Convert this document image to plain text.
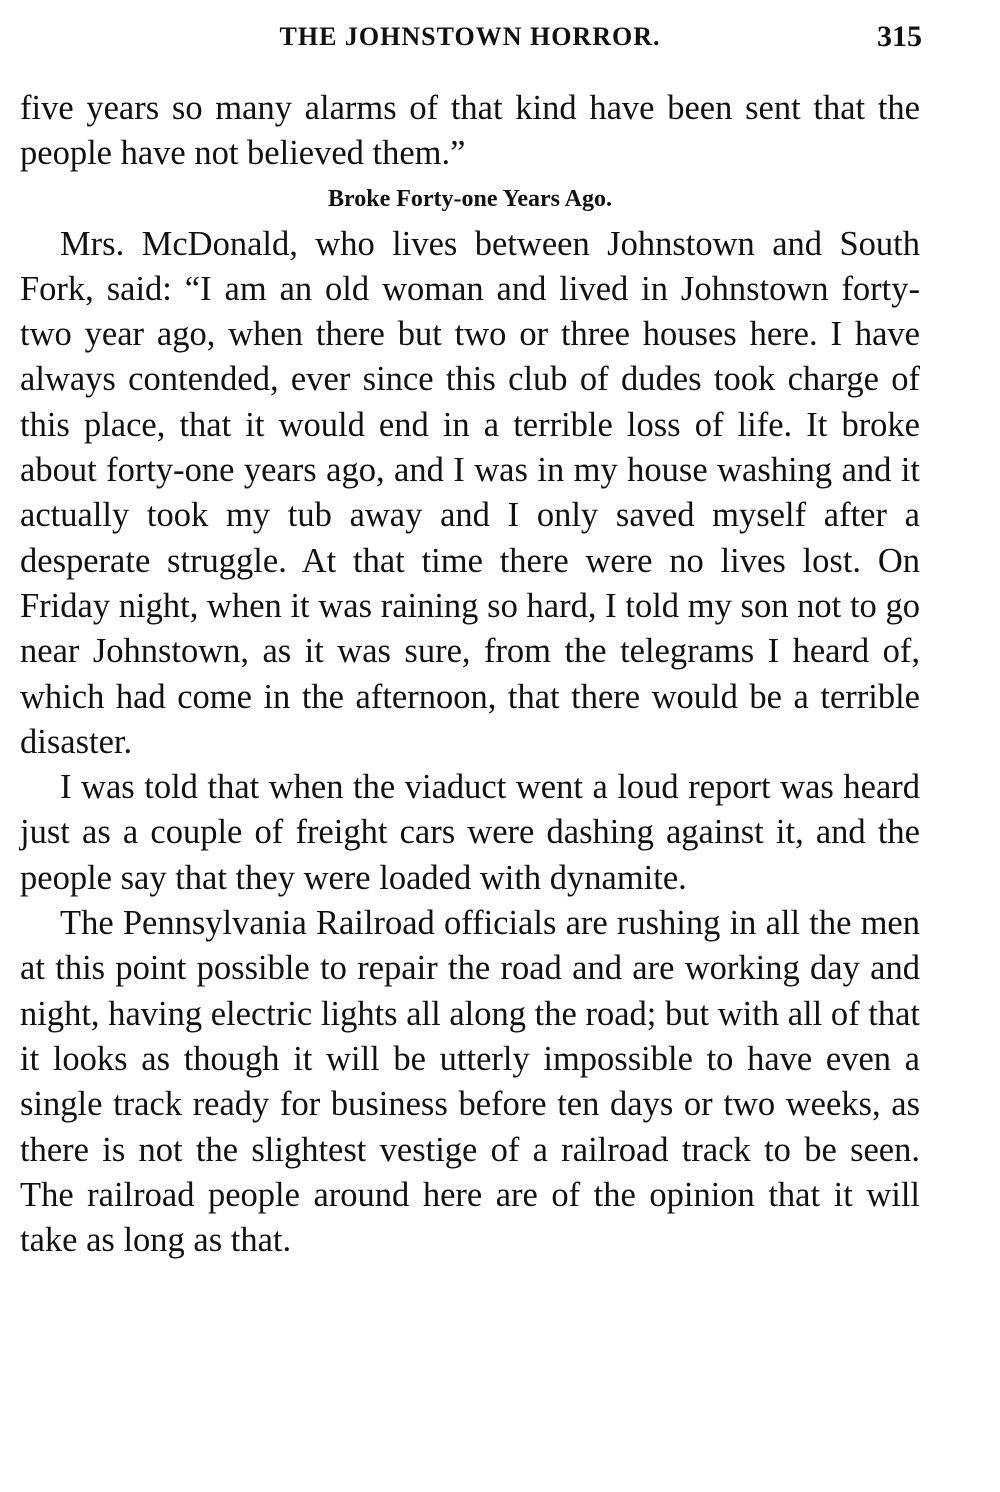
THE JOHNSTOWN HORROR.	315

five years so many alarms of that kind have been sent that the people have not believed them.”

Broke Forty-one Years Ago.

Mrs. McDonald, who lives between Johnstown and South Fork, said: “I am an old woman and lived in Johnstown forty-two year ago, when there but two or three houses here. I have always contended, ever since this club of dudes took charge of this place, that it would end in a terrible loss of life. It broke about forty-one years ago, and I was in my house washing and it actually took my tub away and I only saved myself after a desperate struggle. At that time there were no lives lost. On Friday night, when it was raining so hard, I told my son not to go near Johnstown, as it was sure, from the telegrams I heard of, which had come in the afternoon, that there would be a terrible disaster.

I was told that when the viaduct went a loud report was heard just as a couple of freight cars were dashing against it, and the people say that they were loaded with dynamite.

The Pennsylvania Railroad officials are rushing in all the men at this point possible to repair the road and are working day and night, having electric lights all along the road; but with all of that it looks as though it will be utterly impossible to have even a single track ready for business before ten days or two weeks, as there is not the slightest vestige of a railroad track to be seen. The railroad people around here are of the opinion that it will take as long as that.
